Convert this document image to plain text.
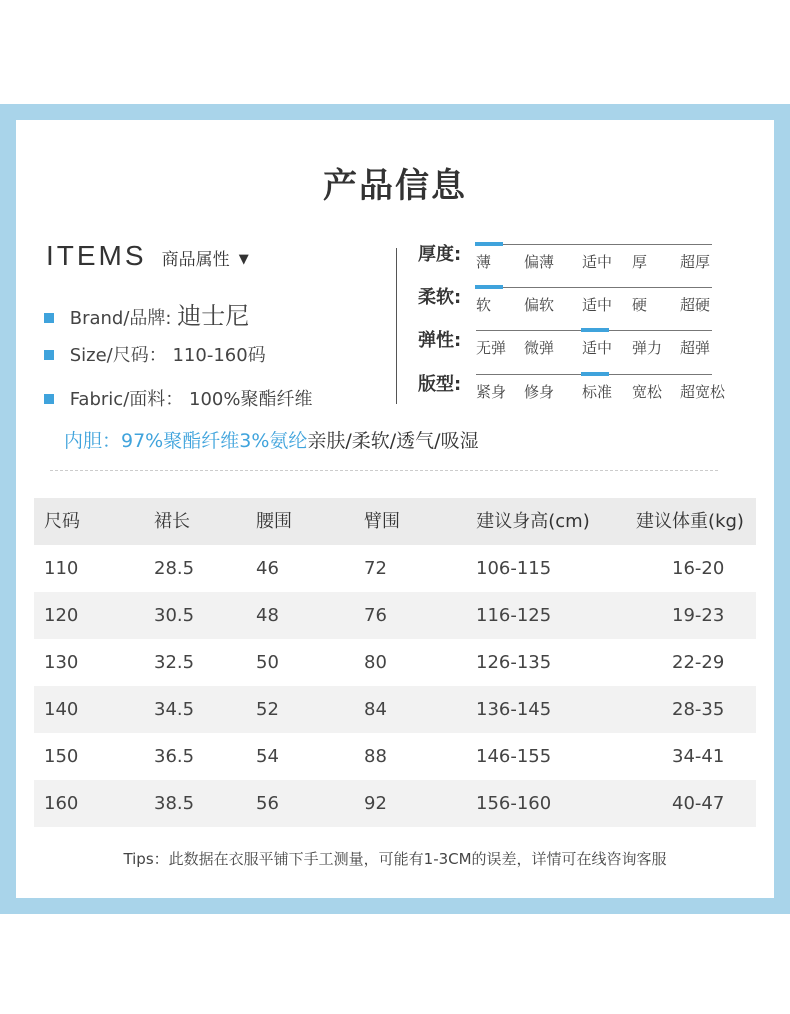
产品信息
ITEMS 商品属性 ▼
Brand/品牌: 迪士尼
Size/尺码： 110-160码
Fabric/面料： 100%聚酯纤维
内胆：97%聚酯纤维3%氨纶亲肤/柔软/透气/吸湿
厚度: 薄 偏薄 适中 厚 超厚
柔软: 软 偏软 适中 硬 超硬
弹性: 无弹 微弹 适中 弹力 超弹
版型: 紧身 修身 标准 宽松 超宽松
尺码	裙长	腰围	臂围	建议身高(cm)	建议体重(kg)
110	28.5	46	72	106-115	16-20
120	30.5	48	76	116-125	19-23
130	32.5	50	80	126-135	22-29
140	34.5	52	84	136-145	28-35
150	36.5	54	88	146-155	34-41
160	38.5	56	92	156-160	40-47
Tips：此数据在衣服平铺下手工测量，可能有1-3CM的误差，详情可在线咨询客服
